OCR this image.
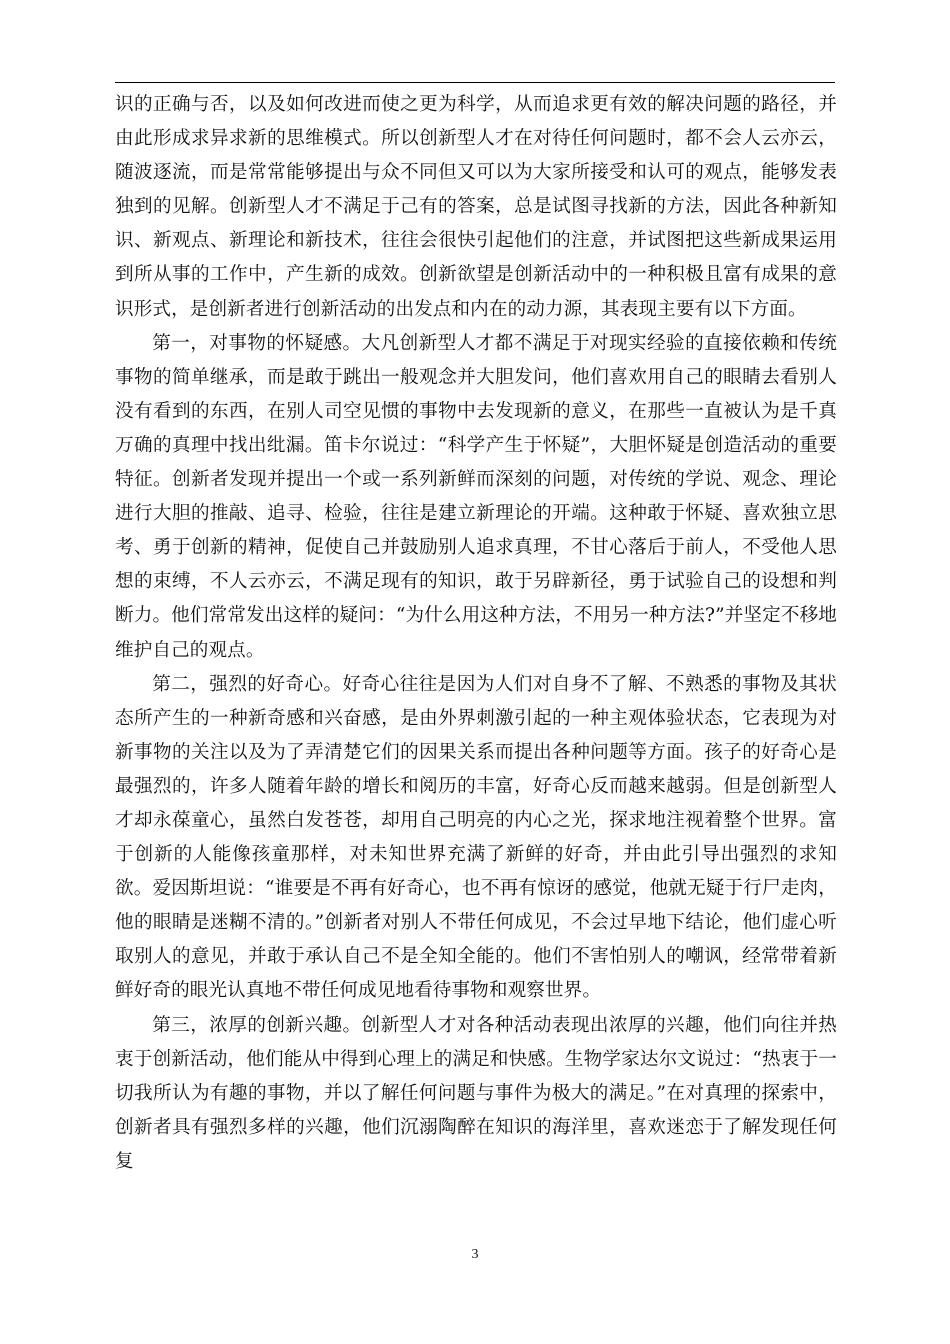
识的正确与否，以及如何改进而使之更为科学，从而追求更有效的解决问题的路径，并由此形成求异求新的思维模式。所以创新型人才在对待任何问题时，都不会人云亦云，随波逐流，而是常常能够提出与众不同但又可以为大家所接受和认可的观点，能够发表独到的见解。创新型人才不满足于己有的答案，总是试图寻找新的方法，因此各种新知识、新观点、新理论和新技术，往往会很快引起他们的注意，并试图把这些新成果运用到所从事的工作中，产生新的成效。创新欲望是创新活动中的一种积极且富有成果的意识形式，是创新者进行创新活动的出发点和内在的动力源，其表现主要有以下方面。

第一，对事物的怀疑感。大凡创新型人才都不满足于对现实经验的直接依赖和传统事物的简单继承，而是敢于跳出一般观念并大胆发问，他们喜欢用自己的眼睛去看别人没有看到的东西，在别人司空见惯的事物中去发现新的意义，在那些一直被认为是千真万确的真理中找出纰漏。笛卡尔说过：“科学产生于怀疑”，大胆怀疑是创造活动的重要特征。创新者发现并提出一个或一系列新鲜而深刻的问题，对传统的学说、观念、理论进行大胆的推敲、追寻、检验，往往是建立新理论的开端。这种敢于怀疑、喜欢独立思考、勇于创新的精神，促使自己并鼓励别人追求真理，不甘心落后于前人，不受他人思想的束缚，不人云亦云，不满足现有的知识，敢于另辟新径，勇于试验自己的设想和判断力。他们常常发出这样的疑问：“为什么用这种方法，不用另一种方法?”并坚定不移地维护自己的观点。

第二，强烈的好奇心。好奇心往往是因为人们对自身不了解、不熟悉的事物及其状态所产生的一种新奇感和兴奋感，是由外界刺激引起的一种主观体验状态，它表现为对新事物的关注以及为了弄清楚它们的因果关系而提出各种问题等方面。孩子的好奇心是最强烈的，许多人随着年龄的增长和阅历的丰富，好奇心反而越来越弱。但是创新型人才却永葆童心，虽然白发苍苍，却用自己明亮的内心之光，探求地注视着整个世界。富于创新的人能像孩童那样，对未知世界充满了新鲜的好奇，并由此引导出强烈的求知欲。爱因斯坦说：“谁要是不再有好奇心，也不再有惊讶的感觉，他就无疑于行尸走肉，他的眼睛是迷糊不清的。”创新者对别人不带任何成见，不会过早地下结论，他们虚心听取别人的意见，并敢于承认自己不是全知全能的。他们不害怕别人的嘲讽，经常带着新鲜好奇的眼光认真地不带任何成见地看待事物和观察世界。

第三，浓厚的创新兴趣。创新型人才对各种活动表现出浓厚的兴趣，他们向往并热衷于创新活动，他们能从中得到心理上的满足和快感。生物学家达尔文说过：“热衷于一切我所认为有趣的事物，并以了解任何问题与事件为极大的满足。”在对真理的探索中，创新者具有强烈多样的兴趣，他们沉溺陶醉在知识的海洋里，喜欢迷恋于了解发现任何复

3
